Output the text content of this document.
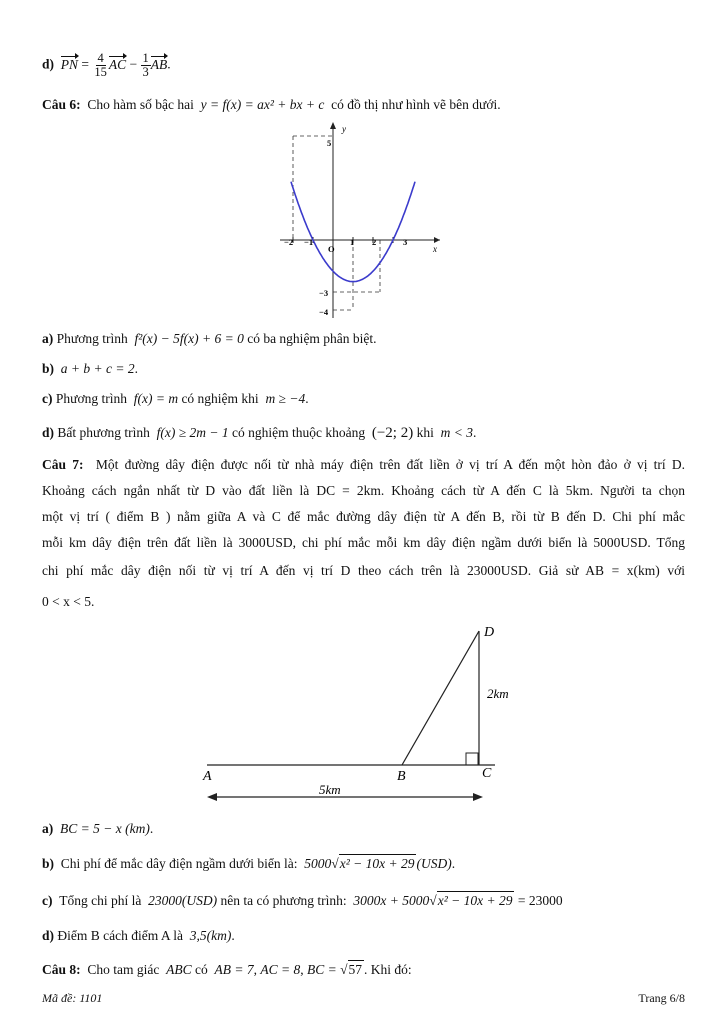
d) PN = $\frac{4}{15}$ AC − $\frac{1}{3}$ AB.
Câu 6: Cho hàm số bậc hai y = f(x) = ax² + bx + c có đồ thị như hình vẽ bên dưới.
y
x
O
−2 −1	1 2	3
5
−3
−4
a) Phương trình f²(x) − 5f(x) + 6 = 0 có ba nghiệm phân biệt.
b) a + b + c = 2.
c) Phương trình f(x) = m có nghiệm khi m ≥ −4.
d) Bất phương trình f(x) ≥ 2m − 1 có nghiệm thuộc khoảng (−2; 2) khi m < 3.
Câu 7: Một đường dây điện được nối từ nhà máy điện trên đất liền ở vị trí A đến một hòn đảo ở vị trí D.
Khoảng cách ngắn nhất từ D vào đất liền là DC = 2km. Khoảng cách từ A đến C là 5km. Người ta chọn
một vị trí ( điểm B ) nằm giữa A và C để mắc đường dây điện từ A đến B, rồi từ B đến D. Chi phí mắc
mỗi km dây điện trên đất liền là 3000USD, chi phí mắc mỗi km dây điện ngầm dưới biển là 5000USD. Tổng
chi phí mắc dây điện nối từ vị trí A đến vị trí D theo cách trên là 23000USD. Giả sử AB = x(km) với
0 < x < 5.
A	B	C
D
2km
5km
a) BC = 5 − x (km).
b) Chi phí để mắc dây điện ngầm dưới biển là: 5000√x² − 10x + 29 (USD).
c) Tổng chi phí là 23000(USD) nên ta có phương trình: 3000x + 5000√x² − 10x + 29 = 23000
d) Điểm B cách điểm A là 3,5(km).
Câu 8: Cho tam giác ABC có AB = 7, AC = 8, BC = √57 . Khi đó:
Mã đề: 1101	Trang 6/8
